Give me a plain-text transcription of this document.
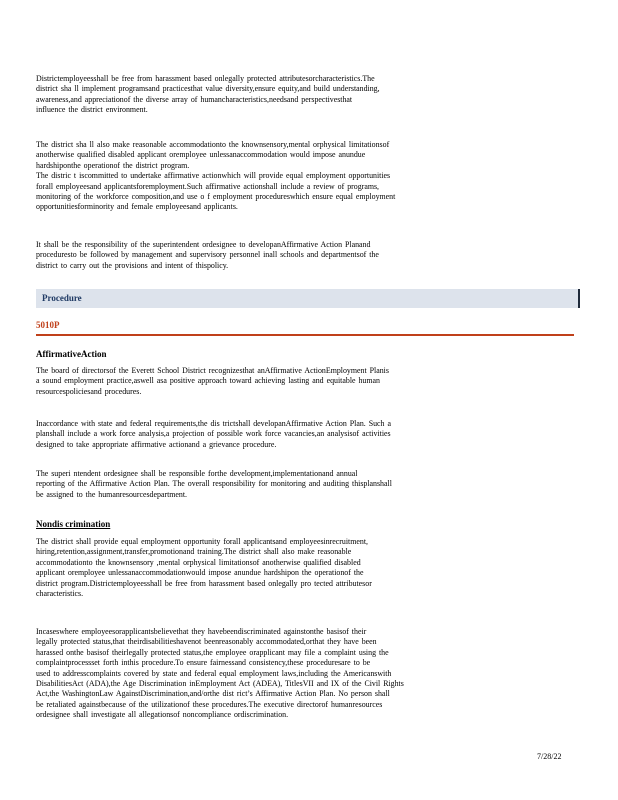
Districtemployeesshall be free from harassment based onlegally protected attributesorcharacteristics.The
district sha ll implement programsand practicesthat value diversity,ensure equity,and build understanding,
awareness,and appreciationof the diverse array of humancharacteristics,needsand perspectivesthat
influence the district environment.

The district sha ll also make reasonable accommodationto the knownsensory,mental orphysical limitationsof
anotherwise qualified disabled applicant oremployee unlessanaccommodation would impose anundue
hardshiponthe operationof the district program.
The distric t iscommitted to undertake affirmative actionwhich will provide equal employment opportunities
forall employeesand applicantsforemployment.Such affirmative actionshall include a review of programs,
monitoring of the workforce composition,and use o f employment procedureswhich ensure equal employment
opportunitiesforminority and female employeesand applicants.

It shall be the responsibility of the superintendent ordesignee to developanAffirmative Action Planand
proceduresto be followed by management and supervisory personnel inall schools and departmentsof the
district to carry out the provisions and intent of thispolicy.

Procedure
5010P
AffirmativeAction

The board of directorsof the Everett School District recognizesthat anAffirmative ActionEmployment Planis
a sound employment practice,aswell asa positive approach toward achieving lasting and equitable human
resourcespoliciesand procedures.

Inaccordance with state and federal requirements,the dis trictshall developanAffirmative Action Plan. Such a
planshall include a work force analysis,a projection of possible work force vacancies,an analysisof activities
designed to take appropriate affirmative actionand a grievance procedure.

The superi ntendent ordesignee shall be responsible forthe development,implementationand annual
reporting of the Affirmative Action Plan. The overall responsibility for monitoring and auditing thisplanshall
be assigned to the humanresourcesdepartment.

Nondis crimination

The district shall provide equal employment opportunity forall applicantsand employeesinrecruitment,
hiring,retention,assignment,transfer,promotionand training.The district shall also make reasonable
accommodationto the knownsensory ,mental orphysical limitationsof anotherwise qualified disabled
applicant oremployee unlessanaccommodationwould impose anundue hardshipon the operationof the
district program.Districtemployeesshall be free from harassment based onlegally pro tected attributesor
characteristics.

Incaseswhere employeesorapplicantsbelievethat they havebeendiscriminated againstonthe basisof their
legally protected status,that theirdisabilitieshavenot beenreasonably accommodated,orthat they have been
harassed onthe basisof theirlegally protected status,the employee orapplicant may file a complaint using the
complaintprocessset forth inthis procedure.To ensure fairnessand consistency,these proceduresare to be
used to addresscomplaints covered by state and federal equal employment laws,including the Americanswith
DisabilitiesAct (ADA),the Age Discrimination inEmployment Act (ADEA), TitlesVII and IX of the Civil Rights
Act,the WashingtonLaw AgainstDiscrimination,and/orthe dist rict’s Affirmative Action Plan. No person shall
be retaliated againstbecause of the utilizationof these procedures.The executive directorof humanresources
ordesignee shall investigate all allegationsof noncompliance ordiscrimination.

7/28/22
